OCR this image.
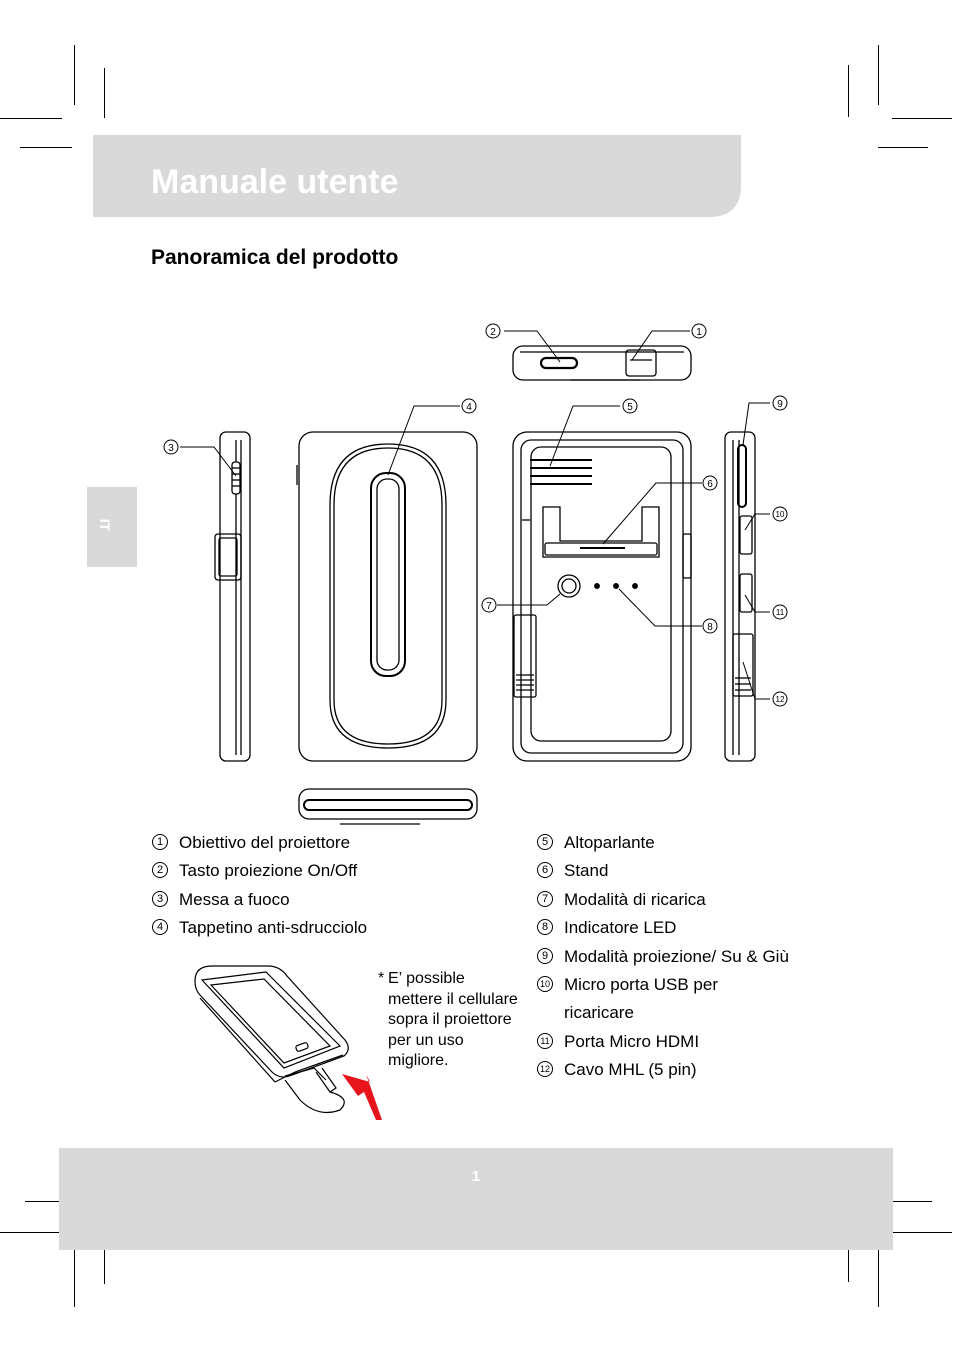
Manuale utente
Panoramica del prodotto
IT
2	1
3
4	5
6
7
8
9
10
11
12
1 Obiettivo del proiettore
2 Tasto proiezione On/Off
3 Messa a fuoco
4 Tappetino anti-sdrucciolo
5 Altoparlante
6 Stand
7 Modalità di ricarica
8 Indicatore LED
9 Modalità proiezione/ Su & Giù
10 Micro porta USB per
ricaricare
11 Porta Micro HDMI
12 Cavo MHL (5 pin)

* E’ possible mettere il cellulare sopra il proiettore per un uso migliore.

1
